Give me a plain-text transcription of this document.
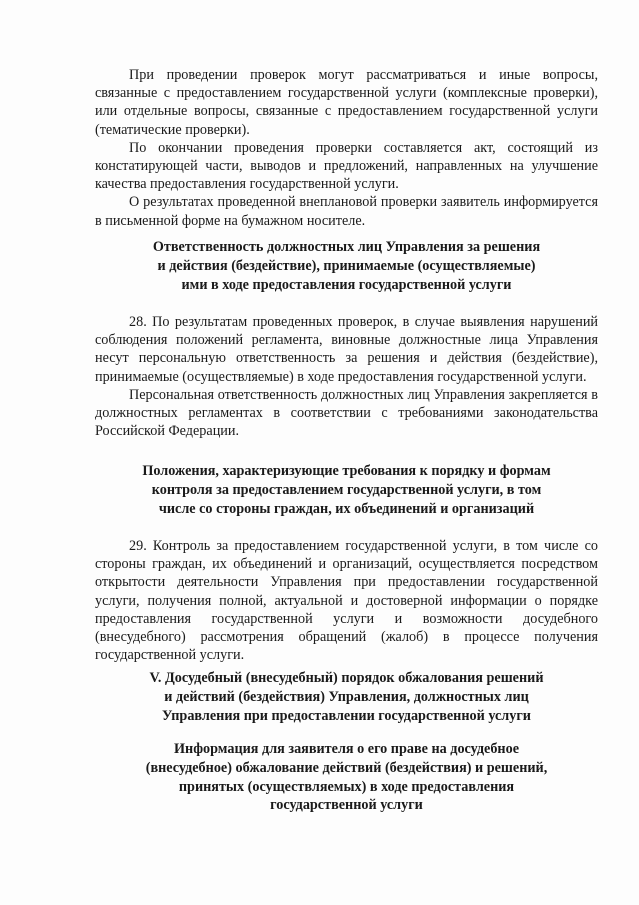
При проведении проверок могут рассматриваться и иные вопросы, связанные с предоставлением государственной услуги (комплексные проверки), или отдельные вопросы, связанные с предоставлением государственной услуги (тематические проверки).

По окончании проведения проверки составляется акт, состоящий из констатирующей части, выводов и предложений, направленных на улучшение качества предоставления государственной услуги.

О результатах проведенной внеплановой проверки заявитель информируется в письменной форме на бумажном носителе.

Ответственность должностных лиц Управления за решения
и действия (бездействие), принимаемые (осуществляемые)
ими в ходе предоставления государственной услуги

28. По результатам проведенных проверок, в случае выявления нарушений соблюдения положений регламента, виновные должностные лица Управления несут персональную ответственность за решения и действия (бездействие), принимаемые (осуществляемые) в ходе предоставления государственной услуги.

Персональная ответственность должностных лиц Управления закрепляется в должностных регламентах в соответствии с требованиями законодательства Российской Федерации.

Положения, характеризующие требования к порядку и формам
контроля за предоставлением государственной услуги, в том
числе со стороны граждан, их объединений и организаций

29. Контроль за предоставлением государственной услуги, в том числе со стороны граждан, их объединений и организаций, осуществляется посредством открытости деятельности Управления при предоставлении государственной услуги, получения полной, актуальной и достоверной информации о порядке предоставления государственной услуги и возможности досудебного (внесудебного) рассмотрения обращений (жалоб) в процессе получения государственной услуги.

V. Досудебный (внесудебный) порядок обжалования решений
и действий (бездействия) Управления, должностных лиц
Управления при предоставлении государственной услуги

Информация для заявителя о его праве на досудебное
(внесудебное) обжалование действий (бездействия) и решений,
принятых (осуществляемых) в ходе предоставления
государственной услуги
